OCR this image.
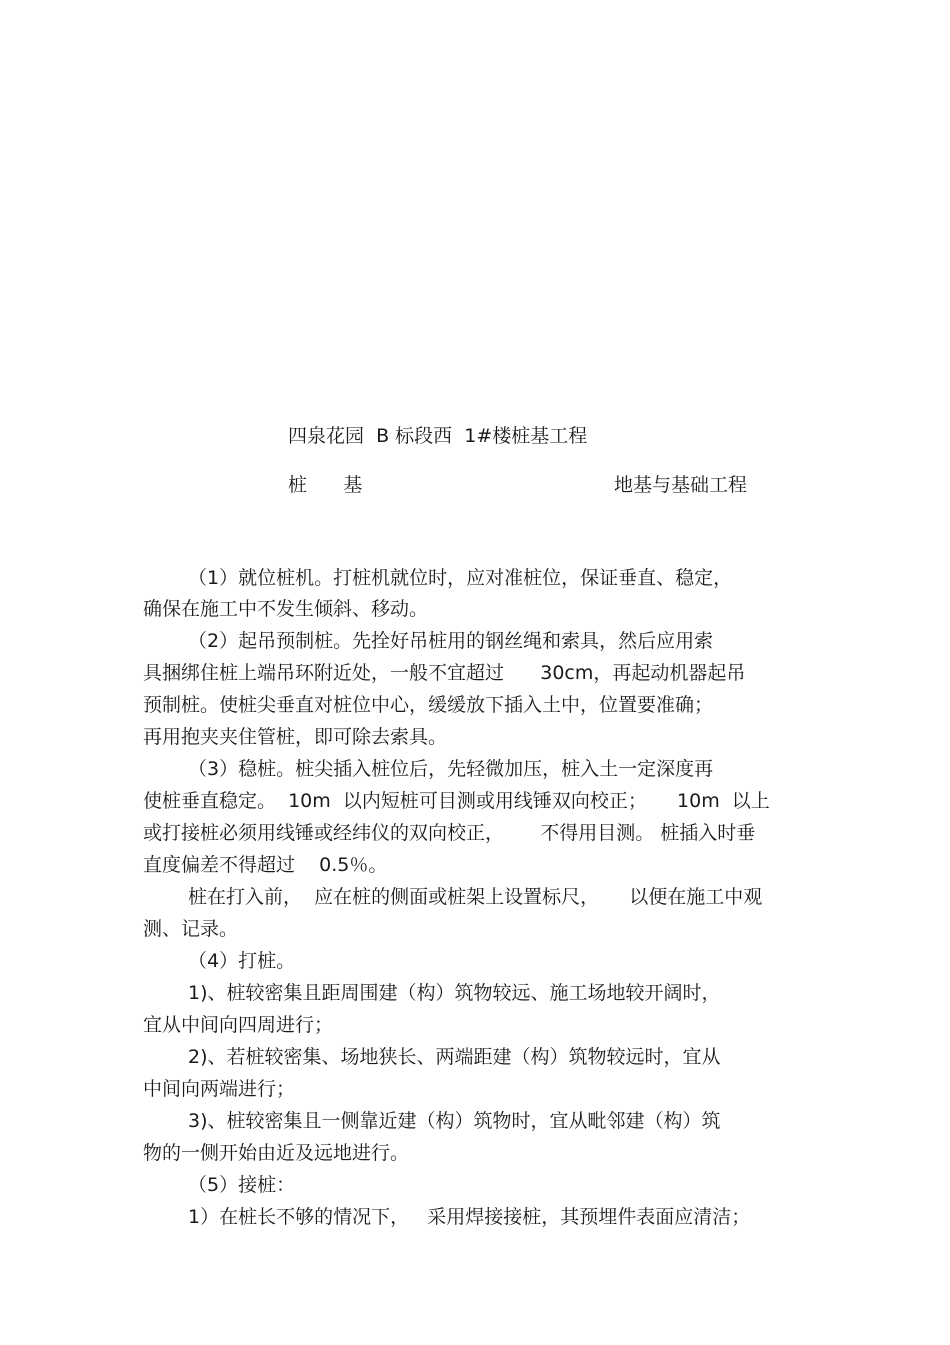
四泉花园  B 标段西  1#楼桩基工程
桩      基	地基与基础工程
（1）就位桩机。打桩机就位时，应对准桩位，保证垂直、稳定，
确保在施工中不发生倾斜、移动。
（2）起吊预制桩。先拴好吊桩用的钢丝绳和索具，然后应用索
具捆绑住桩上端吊环附近处，一般不宜超过      30cm，再起动机器起吊
预制桩。使桩尖垂直对桩位中心，缓缓放下插入土中，位置要准确；
再用抱夹夹住管桩，即可除去索具。
（3）稳桩。桩尖插入桩位后，先轻微加压，桩入土一定深度再
使桩垂直稳定。  10m  以内短桩可目测或用线锤双向校正；     10m  以上
或打接桩必须用线锤或经纬仪的双向校正，      不得用目测。 桩插入时垂
直度偏差不得超过    0.5％。
桩在打入前，  应在桩的侧面或桩架上设置标尺，     以便在施工中观
测、记录。
（4）打桩。
1)、桩较密集且距周围建（构）筑物较远、施工场地较开阔时，
宜从中间向四周进行；
2)、若桩较密集、场地狭长、两端距建（构）筑物较远时，宜从
中间向两端进行；
3)、桩较密集且一侧靠近建（构）筑物时，宜从毗邻建（构）筑
物的一侧开始由近及远地进行。
（5）接桩：
1）在桩长不够的情况下，   采用焊接接桩，其预埋件表面应清洁；
